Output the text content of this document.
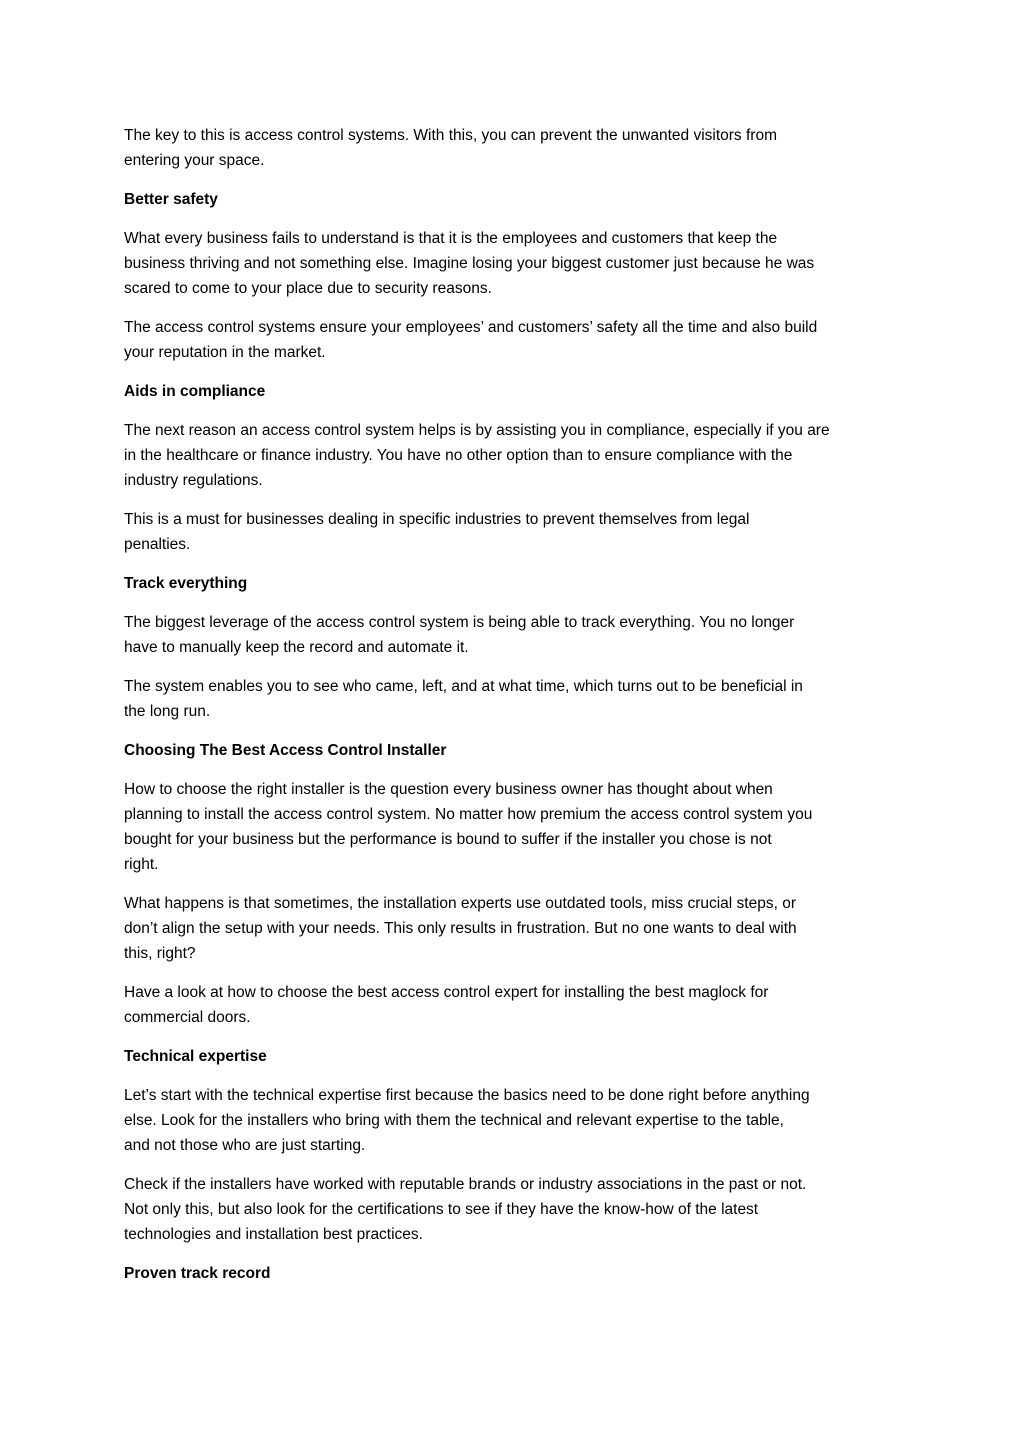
The key to this is access control systems. With this, you can prevent the unwanted visitors from
entering your space.
Better safety
What every business fails to understand is that it is the employees and customers that keep the
business thriving and not something else. Imagine losing your biggest customer just because he was
scared to come to your place due to security reasons.
The access control systems ensure your employees’ and customers’ safety all the time and also build
your reputation in the market.
Aids in compliance
The next reason an access control system helps is by assisting you in compliance, especially if you are
in the healthcare or finance industry. You have no other option than to ensure compliance with the
industry regulations.
This is a must for businesses dealing in specific industries to prevent themselves from legal
penalties.
Track everything
The biggest leverage of the access control system is being able to track everything. You no longer
have to manually keep the record and automate it.
The system enables you to see who came, left, and at what time, which turns out to be beneficial in
the long run.
Choosing The Best Access Control Installer
How to choose the right installer is the question every business owner has thought about when
planning to install the access control system. No matter how premium the access control system you
bought for your business but the performance is bound to suffer if the installer you chose is not
right.
What happens is that sometimes, the installation experts use outdated tools, miss crucial steps, or
don’t align the setup with your needs. This only results in frustration. But no one wants to deal with
this, right?
Have a look at how to choose the best access control expert for installing the best maglock for
commercial doors.
Technical expertise
Let’s start with the technical expertise first because the basics need to be done right before anything
else. Look for the installers who bring with them the technical and relevant expertise to the table,
and not those who are just starting.
Check if the installers have worked with reputable brands or industry associations in the past or not.
Not only this, but also look for the certifications to see if they have the know-how of the latest
technologies and installation best practices.
Proven track record
